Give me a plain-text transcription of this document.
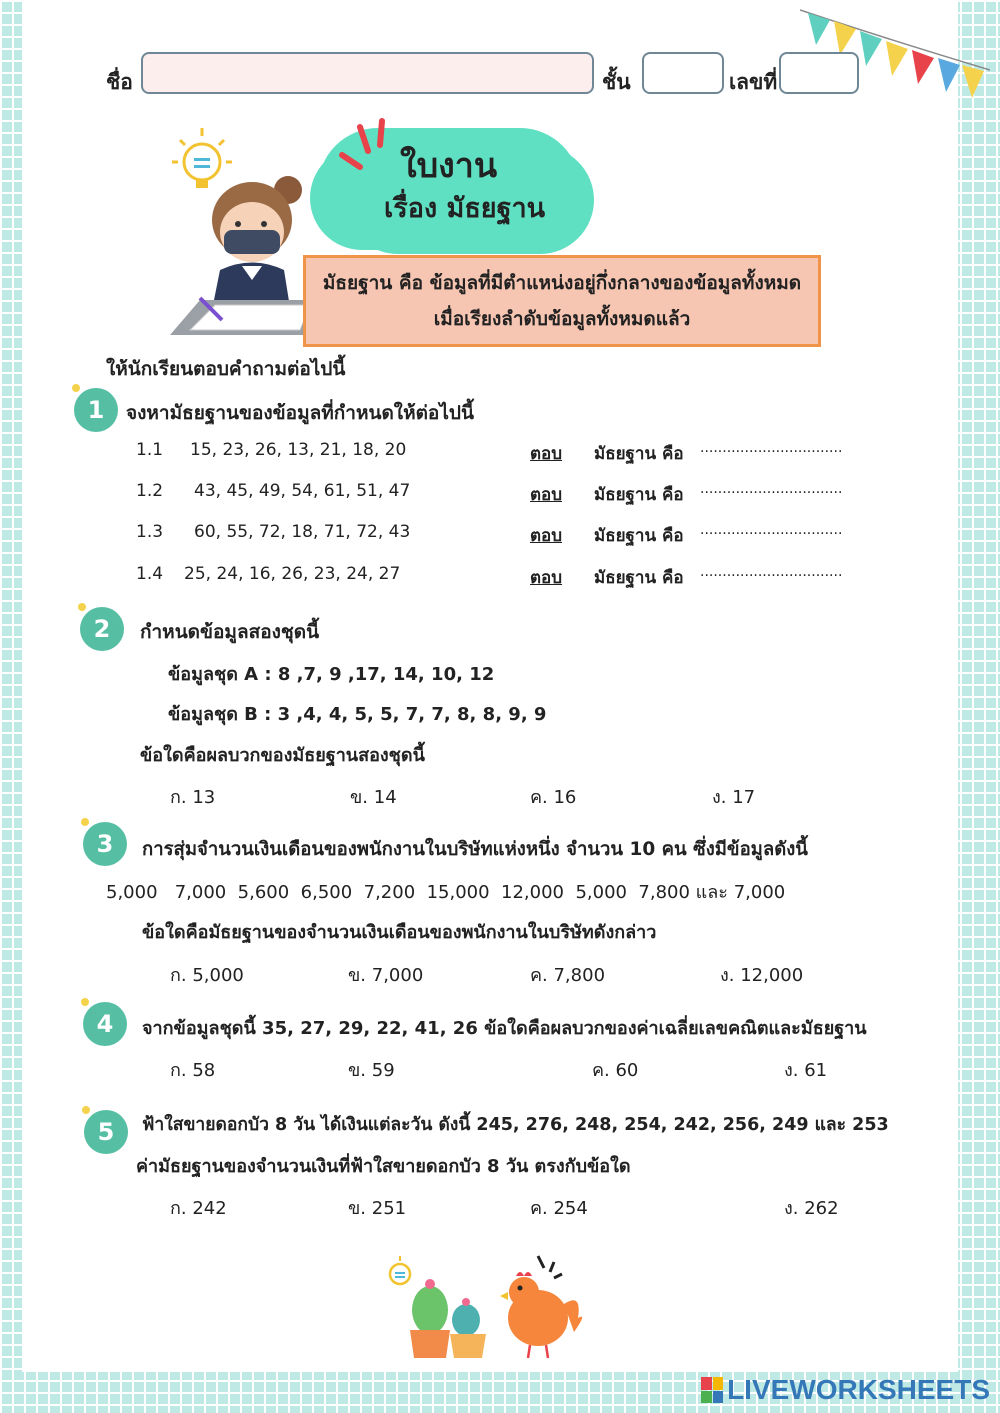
ชื่อ	ชั้น	เลขที่
ใบงาน
เรื่อง มัธยฐาน
มัธยฐาน คือ ข้อมูลที่มีตำแหน่งอยู่กึ่งกลางของข้อมูลทั้งหมด
เมื่อเรียงลำดับข้อมูลทั้งหมดแล้ว
ให้นักเรียนตอบคำถามต่อไปนี้
1	จงหามัธยฐานของข้อมูลที่กำหนดให้ต่อไปนี้
1.1 15, 23, 26, 13, 21, 18, 20	ตอบ มัธยฐาน คือ ................................
1.2 43, 45, 49, 54, 61, 51, 47	ตอบ มัธยฐาน คือ ................................
1.3 60, 55, 72, 18, 71, 72, 43	ตอบ มัธยฐาน คือ ................................
1.4 25, 24, 16, 26, 23, 24, 27	ตอบ มัธยฐาน คือ ................................
2	กำหนดข้อมูลสองชุดนี้
ข้อมูลชุด A : 8 ,7, 9 ,17, 14, 10, 12
ข้อมูลชุด B : 3 ,4, 4, 5, 5, 7, 7, 8, 8, 9, 9
ข้อใดคือผลบวกของมัธยฐานสองชุดนี้
ก. 13	ข. 14	ค. 16	ง. 17
3	การสุ่มจำนวนเงินเดือนของพนักงานในบริษัทแห่งหนึ่ง จำนวน 10 คน ซึ่งมีข้อมูลดังนี้
5,000   7,000  5,600  6,500  7,200  15,000  12,000  5,000  7,800 และ 7,000
ข้อใดคือมัธยฐานของจำนวนเงินเดือนของพนักงานในบริษัทดังกล่าว
ก. 5,000	ข. 7,000	ค. 7,800	ง. 12,000
4	จากข้อมูลชุดนี้ 35, 27, 29, 22, 41, 26 ข้อใดคือผลบวกของค่าเฉลี่ยเลขคณิตและมัธยฐาน
ก. 58	ข. 59	ค. 60	ง. 61
5	ฟ้าใสขายดอกบัว 8 วัน ได้เงินแต่ละวัน ดังนี้ 245, 276, 248, 254, 242, 256, 249 และ 253
ค่ามัธยฐานของจำนวนเงินที่ฟ้าใสขายดอกบัว 8 วัน ตรงกับข้อใด
ก. 242	ข. 251	ค. 254	ง. 262
LIVEWORKSHEETS
